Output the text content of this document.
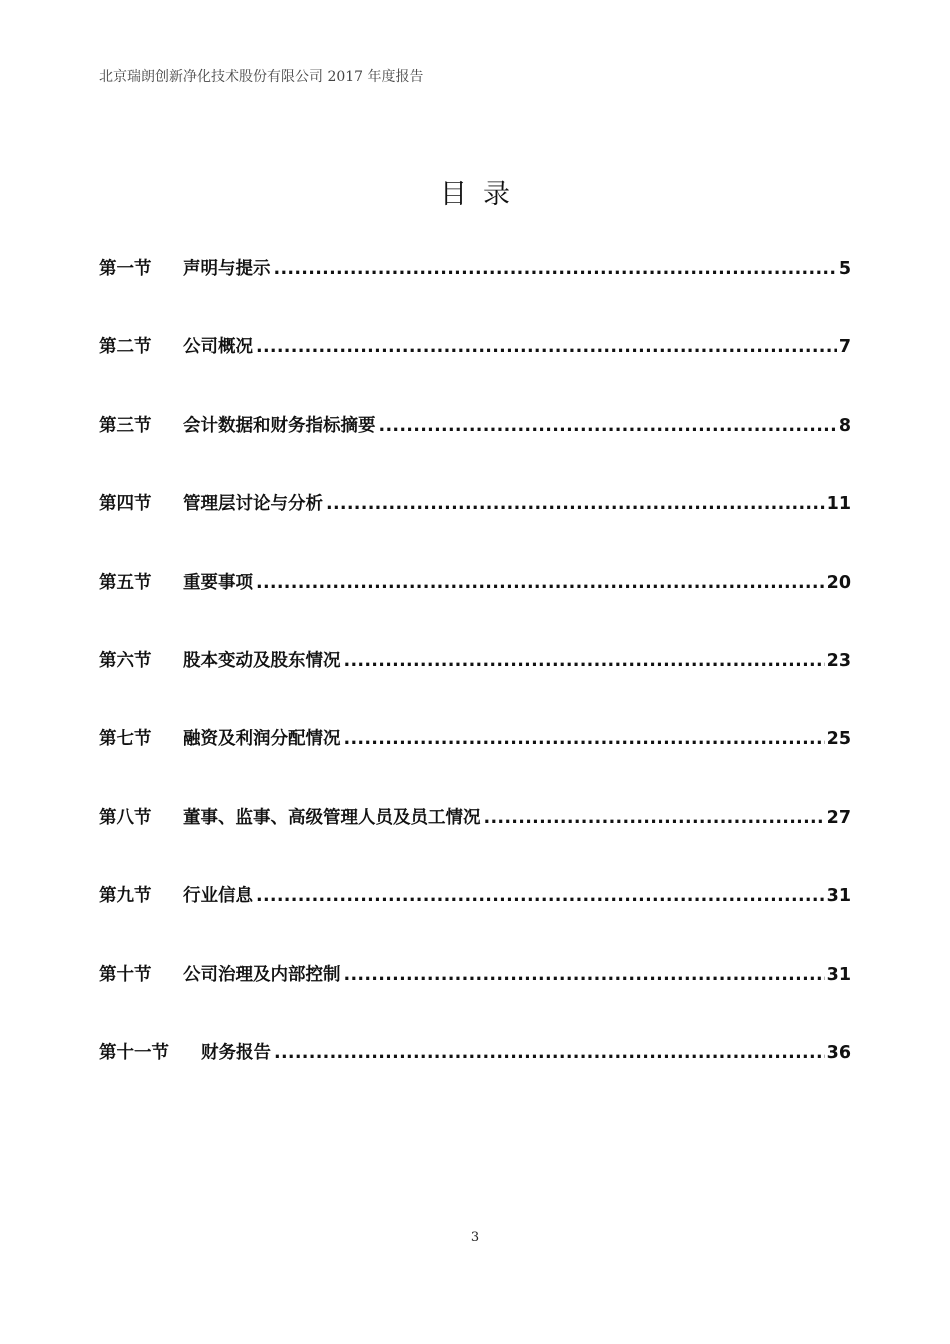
北京瑞朗创新净化技术股份有限公司 2017 年度报告
目录
第一节	声明与提示 .....	5
第二节	公司概况 .....	7
第三节	会计数据和财务指标摘要 .....	8
第四节	管理层讨论与分析 .....	11
第五节	重要事项 .....	20
第六节	股本变动及股东情况 .....	23
第七节	融资及利润分配情况 .....	25
第八节	董事、监事、高级管理人员及员工情况 .....	27
第九节	行业信息 .....	31
第十节	公司治理及内部控制 .....	31
第十一节	财务报告 .....	36
3
